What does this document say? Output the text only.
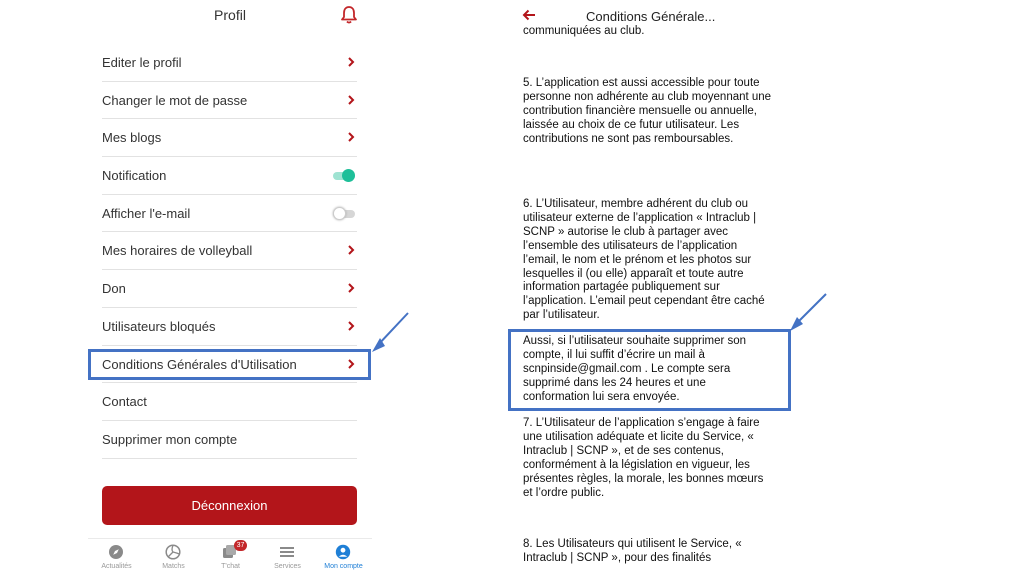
Profil
Editer le profil
Changer le mot de passe
Mes blogs
Notification
Afficher l'e-mail
Mes horaires de volleyball
Don
Utilisateurs bloqués
Conditions Générales d'Utilisation
Contact
Supprimer mon compte
Déconnexion
Actualités	Matchs
37
T'chat	Services	Mon compte
Conditions Générale...
communiquées au club.
5. L’application est aussi accessible pour toute personne non adhérente au club moyennant une contribution financière mensuelle ou annuelle, laissée au choix de ce futur utilisateur. Les contributions ne sont pas remboursables.
6. L’Utilisateur, membre adhérent du club ou utilisateur externe de l’application « Intraclub | SCNP » autorise le club à partager avec l’ensemble des utilisateurs de l’application l’email, le nom et le prénom et les photos sur lesquelles il (ou elle) apparaît et toute autre information partagée publiquement sur l’application. L’email peut cependant être caché par l’utilisateur.
Aussi, si l’utilisateur souhaite supprimer son compte, il lui suffit d’écrire un mail à scnpinside@gmail.com . Le compte sera supprimé dans les 24 heures et une conformation lui sera envoyée.
7. L’Utilisateur de l’application s’engage à faire une utilisation adéquate et licite du Service, « Intraclub | SCNP », et de ses contenus, conformément à la législation en vigueur, les présentes règles, la morale, les bonnes mœurs et l’ordre public.
8. Les Utilisateurs qui utilisent le Service, « Intraclub | SCNP », pour des finalités
